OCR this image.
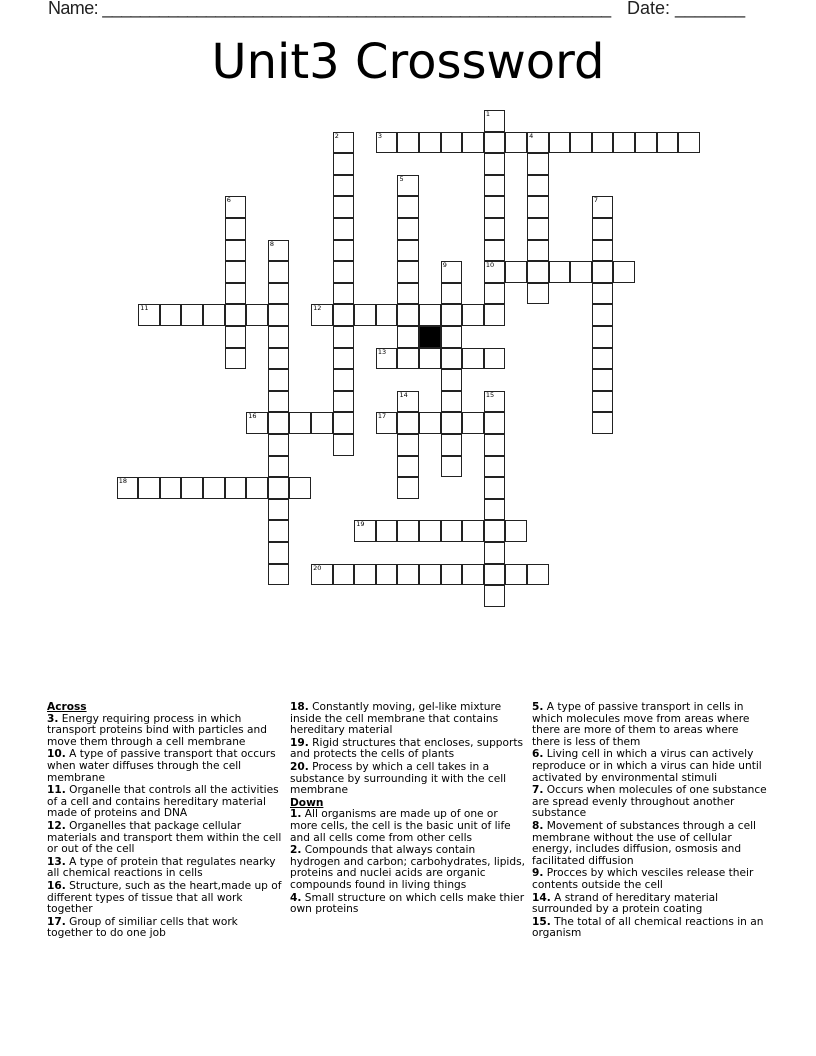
Name: ______________________________________________________ Date: _______
Unit3 Crossword
1
10
2	3	4
5
6	7
8
9
11	12
13
14	15
16	17
18
19
20
Across
3. Energy requiring process in which transport proteins bind with particles and move them through a cell membrane
10. A type of passive transport that occurs when water diffuses through the cell membrane
11. Organelle that controls all the activities of a cell and contains hereditary material made of proteins and DNA
12. Organelles that package cellular materials and transport them within the cell or out of the cell
13. A type of protein that regulates nearky all chemical reactions in cells
16. Structure, such as the heart,made up of different types of tissue that all work together
17. Group of similiar cells that work together to do one job
18. Constantly moving, gel-like mixture inside the cell membrane that contains hereditary material
19. Rigid structures that encloses, supports and protects the cells of plants
20. Process by which a cell takes in a substance by surrounding it with the cell membrane
Down
1. All organisms are made up of one or more cells, the cell is the basic unit of life and all cells come from other cells
2. Compounds that always contain hydrogen and carbon; carbohydrates, lipids, proteins and nuclei acids are organic compounds found in living things
4. Small structure on which cells make thier own proteins
5. A type of passive transport in cells in which molecules move from areas where there are more of them to areas where there is less of them
6. Living cell in which a virus can actively reproduce or in which a virus can hide until activated by environmental stimuli
7. Occurs when molecules of one substance are spread evenly throughout another substance
8. Movement of substances through a cell membrane without the use of cellular energy, includes diffusion, osmosis and facilitated diffusion
9. Procces by which vesciles release their contents outside the cell
14. A strand of hereditary material surrounded by a protein coating
15. The total of all chemical reactions in an organism
